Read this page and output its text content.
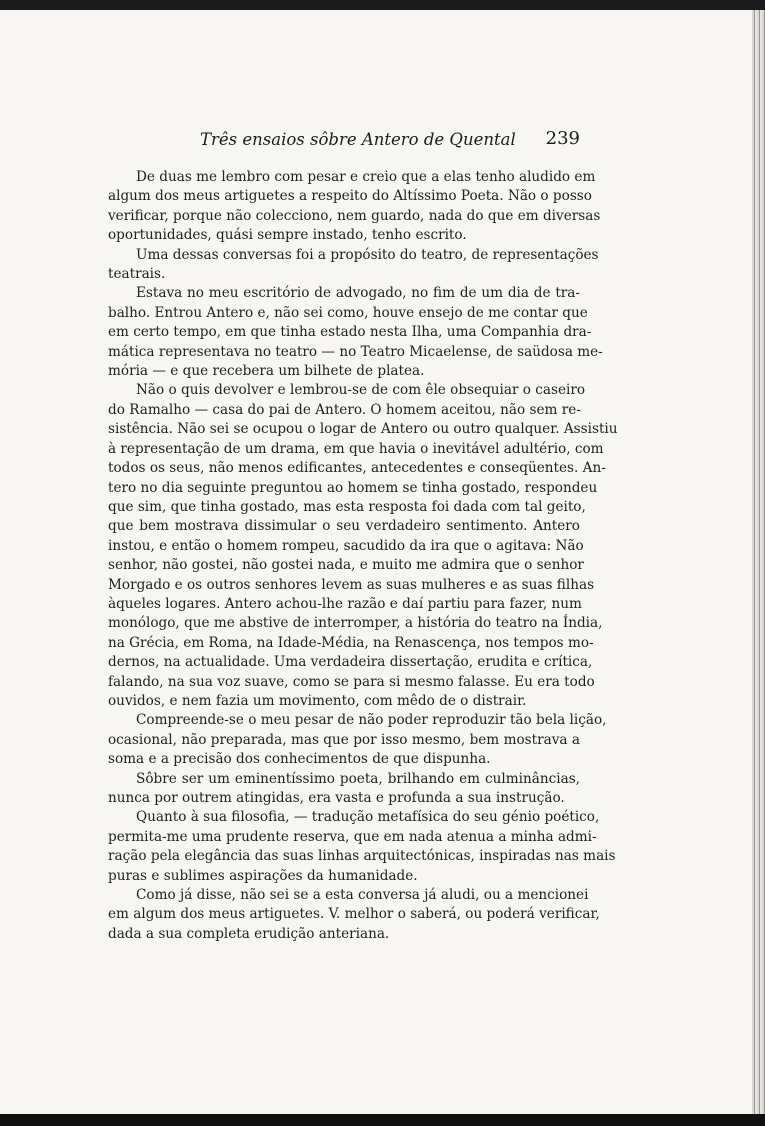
Três ensaios sôbre Antero de Quental 239
De duas me lembro com pesar e creio que a elas tenho aludido em
algum dos meus artiguetes a respeito do Altíssimo Poeta. Não o posso
verificar, porque não colecciono, nem guardo, nada do que em diversas
oportunidades, quási sempre instado, tenho escrito.
Uma dessas conversas foi a propósito do teatro, de representações
teatrais.
Estava no meu escritório de advogado, no fim de um dia de tra-
balho. Entrou Antero e, não sei como, houve ensejo de me contar que
em certo tempo, em que tinha estado nesta Ilha, uma Companhia dra-
mática representava no teatro — no Teatro Micaelense, de saüdosa me-
mória — e que recebera um bilhete de platea.
Não o quis devolver e lembrou-se de com êle obsequiar o caseiro
do Ramalho — casa do pai de Antero. O homem aceitou, não sem re-
sistência. Não sei se ocupou o logar de Antero ou outro qualquer. Assistiu
à representação de um drama, em que havia o inevitável adultério, com
todos os seus, não menos edificantes, antecedentes e conseqüentes. An-
tero no dia seguinte preguntou ao homem se tinha gostado, respondeu
que sim, que tinha gostado, mas esta resposta foi dada com tal geito,
que bem mostrava dissimular o seu verdadeiro sentimento. Antero
instou, e então o homem rompeu, sacudido da ira que o agitava: Não
senhor, não gostei, não gostei nada, e muito me admira que o senhor
Morgado e os outros senhores levem as suas mulheres e as suas filhas
àqueles logares. Antero achou-lhe razão e daí partiu para fazer, num
monólogo, que me abstive de interromper, a história do teatro na Índia,
na Grécia, em Roma, na Idade-Média, na Renascença, nos tempos mo-
dernos, na actualidade. Uma verdadeira dissertação, erudita e crítica,
falando, na sua voz suave, como se para si mesmo falasse. Eu era todo
ouvidos, e nem fazia um movimento, com mêdo de o distrair.
Compreende-se o meu pesar de não poder reproduzir tão bela lição,
ocasional, não preparada, mas que por isso mesmo, bem mostrava a
soma e a precisão dos conhecimentos de que dispunha.
Sôbre ser um eminentíssimo poeta, brilhando em culminâncias,
nunca por outrem atingidas, era vasta e profunda a sua instrução.
Quanto à sua filosofia, — tradução metafísica do seu génio poético,
permita-me uma prudente reserva, que em nada atenua a minha admi-
ração pela elegância das suas linhas arquitectónicas, inspiradas nas mais
puras e sublimes aspirações da humanidade.
Como já disse, não sei se a esta conversa já aludi, ou a mencionei
em algum dos meus artiguetes. V. melhor o saberá, ou poderá verificar,
dada a sua completa erudição anteriana.
